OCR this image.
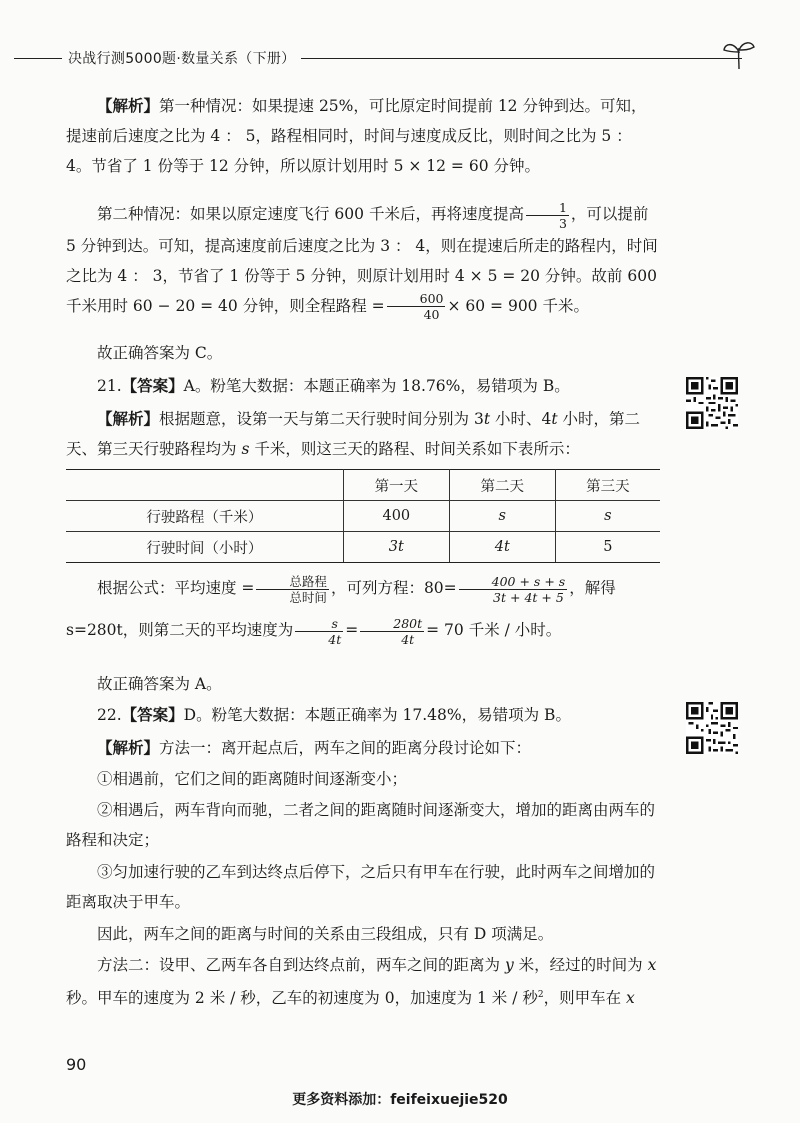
决战行测5000题·数量关系（下册）

【解析】第一种情况：如果提速 25%，可比原定时间提前 12 分钟到达。可知，提速前后速度之比为 4 ： 5，路程相同时，时间与速度成反比，则时间之比为 5 ： 4。节省了 1 份等于 12 分钟，所以原计划用时 5 × 12 = 60 分钟。

第二种情况：如果以原定速度飞行 600 千米后，再将速度提高 $\frac{1}{3}$ ，可以提前 5 分钟到达。可知，提高速度前后速度之比为 3 ： 4，则在提速后所走的路程内，时间之比为 4 ： 3，节省了 1 份等于 5 分钟，则原计划用时 4 × 5 = 20 分钟。故前 600 千米用时 60 − 20 = 40 分钟，则全程路程 = $\frac{600}{40} \times 60 = 900$ 千米。

故正确答案为 C。

21.【答案】A。粉笔大数据：本题正确率为 18.76%，易错项为 B。

【解析】根据题意，设第一天与第二天行驶时间分别为 3t 小时、4t 小时，第二天、第三天行驶路程均为 s 千米，则这三天的路程、时间关系如下表所示：

	第一天	第二天	第三天
行驶路程（千米）	400	s	s
行驶时间（小时）	3t	4t	5

根据公式：平均速度 = $\frac{\text{总路程}}{\text{总时间}}$ ，可列方程：$80= \frac{400 + s + s}{3t + 4t + 5}$ ，解得 s=280t，则第二天的平均速度为 $\frac{s}{4t} = \frac{280t}{4t} = 70$ 千米 / 小时。

故正确答案为 A。

22.【答案】D。粉笔大数据：本题正确率为 17.48%，易错项为 B。

【解析】方法一：离开起点后，两车之间的距离分段讨论如下：

①相遇前，它们之间的距离随时间逐渐变小；

②相遇后，两车背向而驰，二者之间的距离随时间逐渐变大，增加的距离由两车的路程和决定；

③匀加速行驶的乙车到达终点后停下，之后只有甲车在行驶，此时两车之间增加的距离取决于甲车。

因此，两车之间的距离与时间的关系由三段组成，只有 D 项满足。

方法二：设甲、乙两车各自到达终点前，两车之间的距离为 y 米，经过的时间为 x 秒。甲车的速度为 2 米 / 秒，乙车的初速度为 0，加速度为 1 米 / 秒$^2$，则甲车在 x

90
更多资料添加：feifeixuejie520
